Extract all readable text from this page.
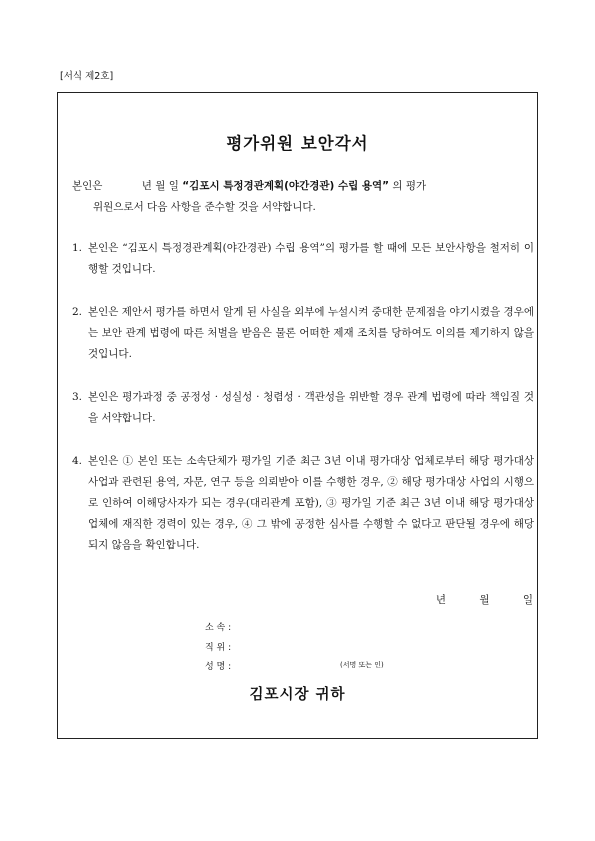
[서식 제2호]
평가위원 보안각서
본인은	년 월 일 “김포시 특정경관계획(야간경관) 수립 용역” 의 평가
위원으로서 다음 사항을 준수할 것을 서약합니다.
1. 본인은 “김포시 특정경관계획(야간경관) 수립 용역”의 평가를 할 때에 모든 보안사항을 철저히 이행할 것입니다.
2. 본인은 제안서 평가를 하면서 알게 된 사실을 외부에 누설시켜 중대한 문제점을 야기시켰을 경우에는 보안 관계 법령에 따른 처벌을 받음은 물론 어떠한 제재 조치를 당하여도 이의를 제기하지 않을 것입니다.
3. 본인은 평가과정 중 공정성 · 성실성 · 청렴성 · 객관성을 위반할 경우 관계 법령에 따라 책임질 것을 서약합니다.
4. 본인은 ① 본인 또는 소속단체가 평가일 기준 최근 3년 이내 평가대상 업체로부터 해당 평가대상 사업과 관련된 용역, 자문, 연구 등을 의뢰받아 이를 수행한 경우, ② 해당 평가대상 사업의 시행으로 인하여 이해당사자가 되는 경우(대리관계 포함), ③ 평가일 기준 최근 3년 이내 해당 평가대상 업체에 재직한 경력이 있는 경우, ④ 그 밖에 공정한 심사를 수행할 수 없다고 판단될 경우에 해당되지 않음을 확인합니다.
년	월	일
소 속 :
직 위 :
성 명 :	(서명 또는 인)
김포시장 귀하
